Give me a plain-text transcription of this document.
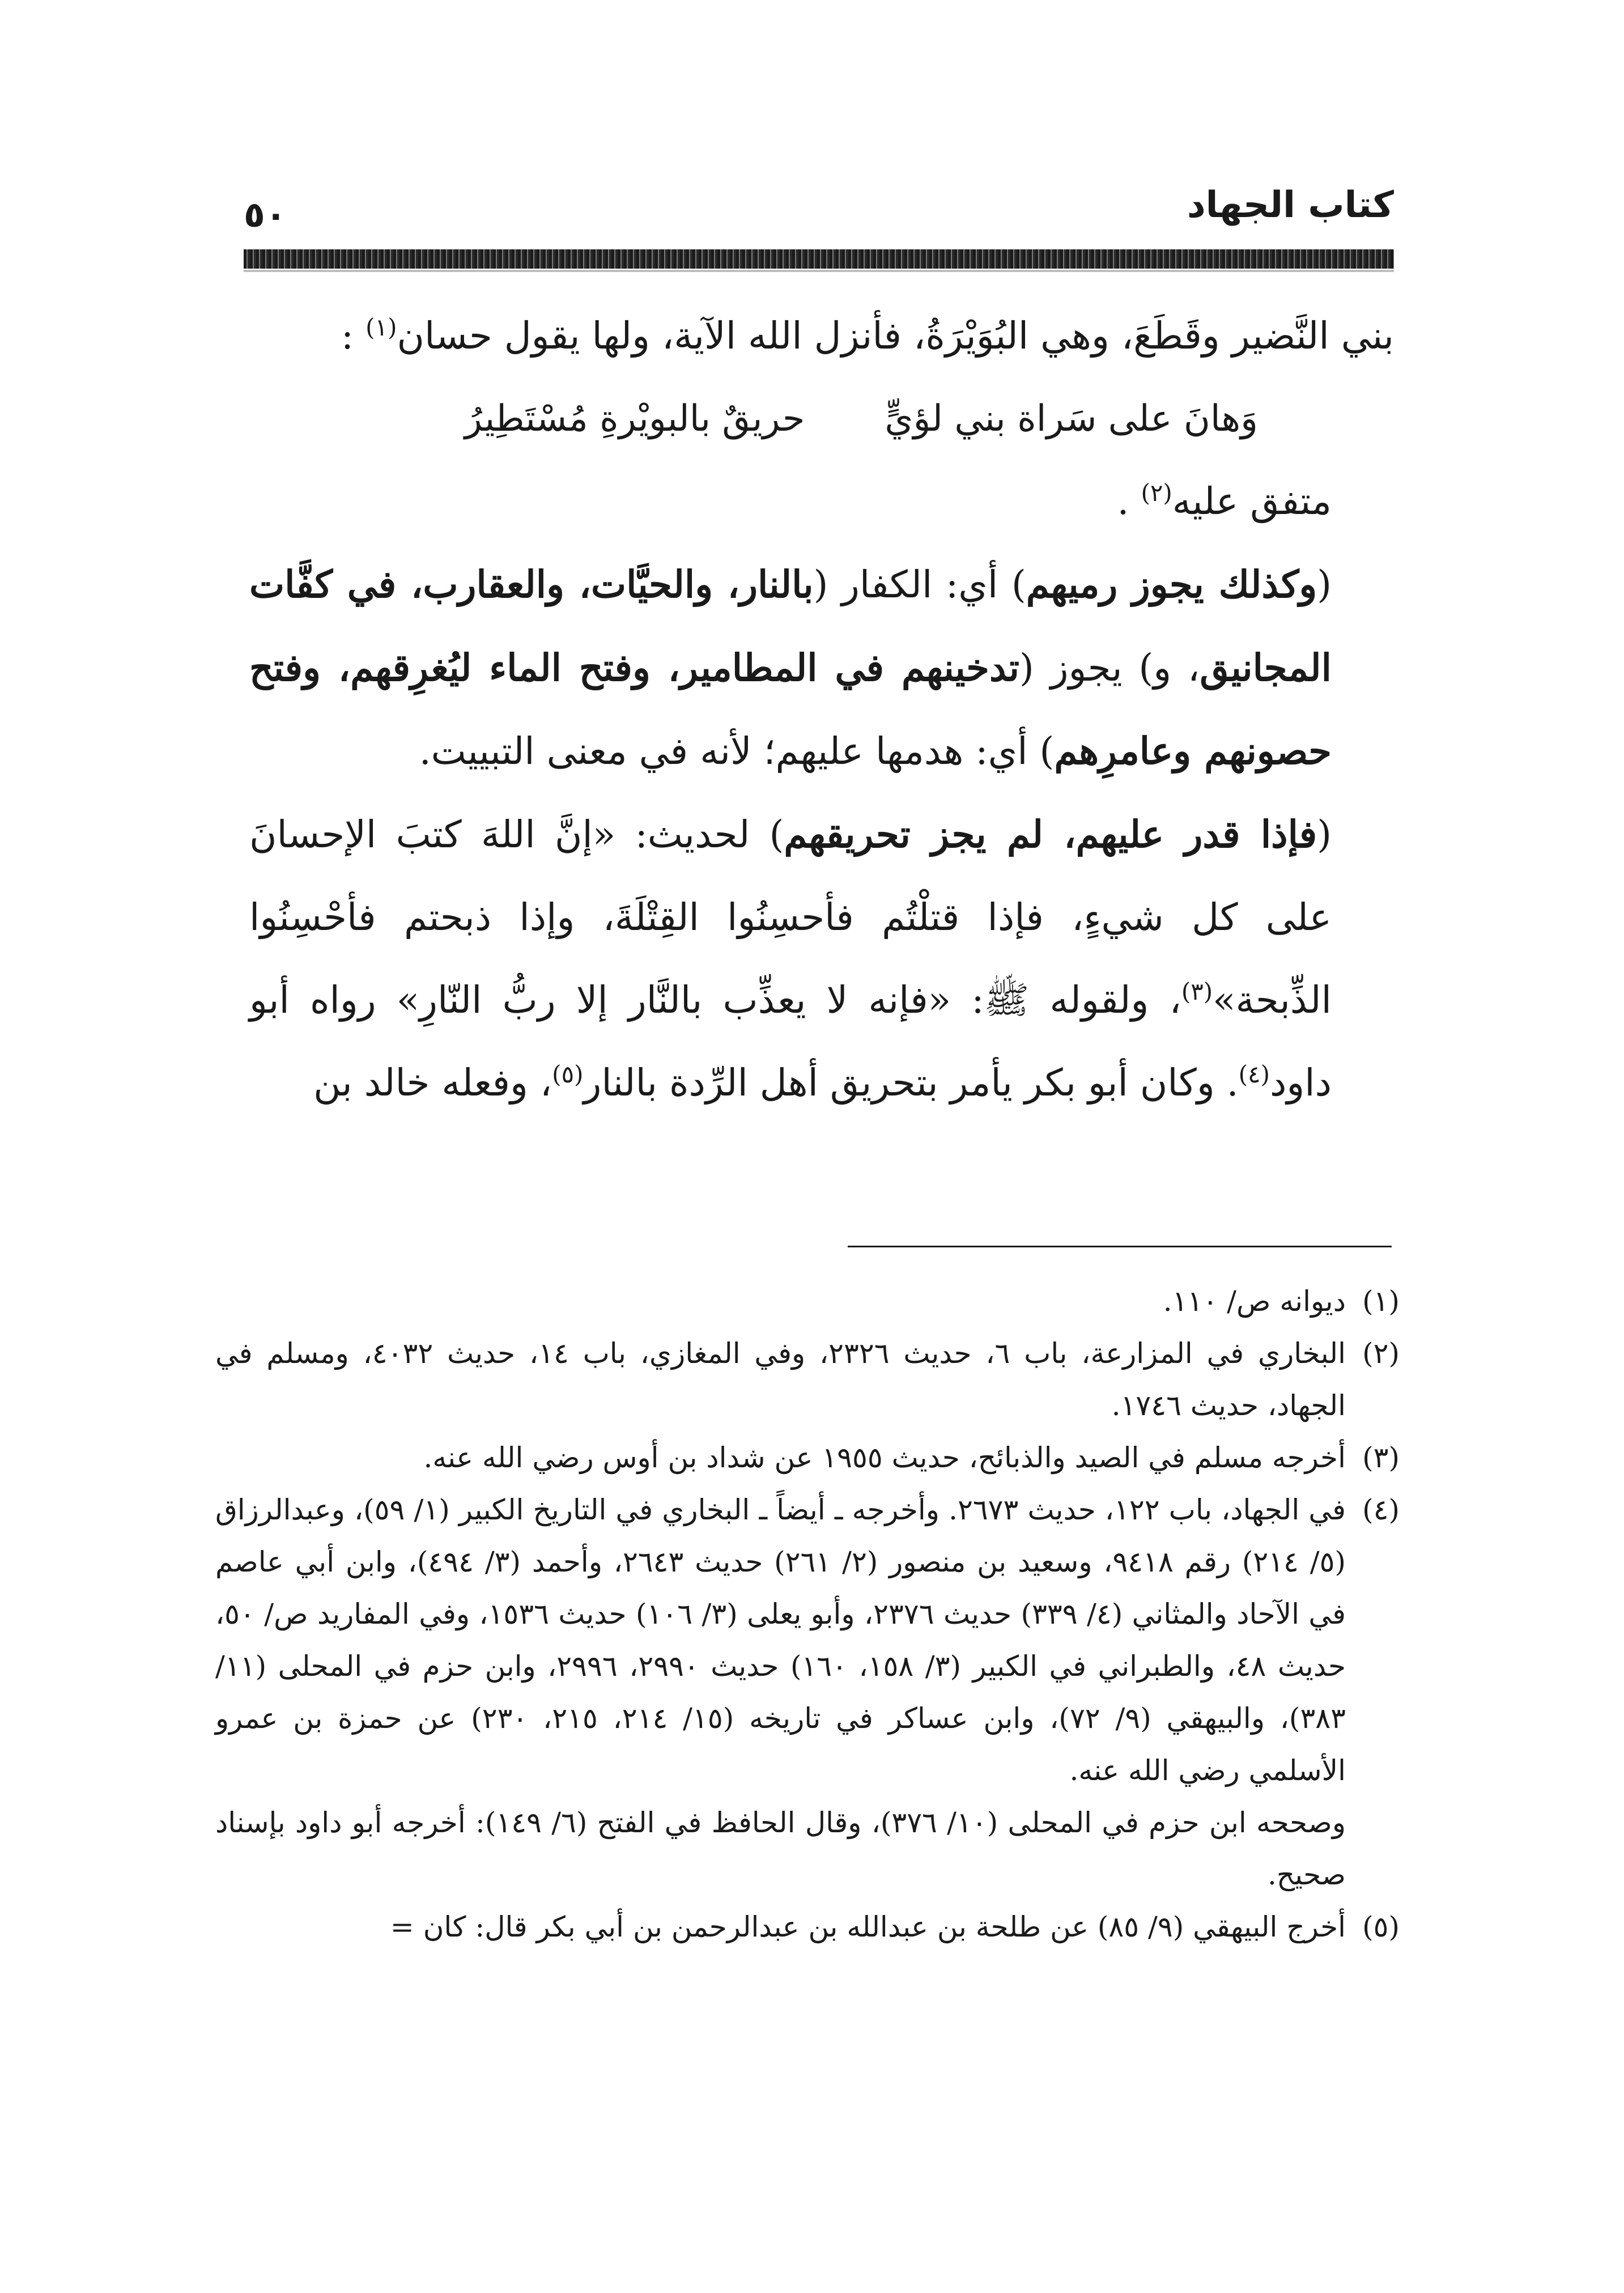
كتاب الجهاد
٥٠

بني النَّضير وقَطَعَ، وهي البُوَيْرَةُ، فأنزل الله الآية، ولها يقول حسان$^{(١)}$ :

وَهانَ على سَراة بني لؤيٍّ
حريقٌ بالبويْرةِ مُسْتَطِيرُ

متفق عليه$^{(٢)}$ .

(وكذلك يجوز رميهم) أي: الكفار (بالنار، والحيَّات، والعقارب، في كفَّات المجانيق، و) يجوز (تدخينهم في المطامير، وفتح الماء ليُغرِقهم، وفتح حصونهم وعامرِهم) أي: هدمها عليهم؛ لأنه في معنى التبييت.

(فإذا قدر عليهم، لم يجز تحريقهم) لحديث: «إنَّ اللهَ كتبَ الإحسانَ على كل شيءٍ، فإذا قتلْتُم فأحسِنُوا القِتْلَةَ، وإذا ذبحتم فأحْسِنُوا الذِّبحة»$^{(٣)}$، ولقوله ﷺ: «فإنه لا يعذِّب بالنَّار إلا ربُّ النّارِ» رواه أبو داود$^{(٤)}$. وكان أبو بكر يأمر بتحريق أهل الرِّدة بالنار$^{(٥)}$، وفعله خالد بن

(١)
ديوانه ص/ ١١٠.
(٢)
البخاري في المزارعة، باب ٦، حديث ٢٣٢٦، وفي المغازي، باب ١٤، حديث ٤٠٣٢، ومسلم في الجهاد، حديث ١٧٤٦.
(٣)
أخرجه مسلم في الصيد والذبائح، حديث ١٩٥٥ عن شداد بن أوس رضي الله عنه.
(٤)
في الجهاد، باب ١٢٢، حديث ٢٦٧٣. وأخرجه ـ أيضاً ـ البخاري في التاريخ الكبير (١/ ٥٩)، وعبدالرزاق (٥/ ٢١٤) رقم ٩٤١٨، وسعيد بن منصور (٢/ ٢٦١) حديث ٢٦٤٣، وأحمد (٣/ ٤٩٤)، وابن أبي عاصم في الآحاد والمثاني (٤/ ٣٣٩) حديث ٢٣٧٦، وأبو يعلى (٣/ ١٠٦) حديث ١٥٣٦، وفي المفاريد ص/ ٥٠، حديث ٤٨، والطبراني في الكبير (٣/ ١٥٨، ١٦٠) حديث ٢٩٩٠، ٢٩٩٦، وابن حزم في المحلى (١١/ ٣٨٣)، والبيهقي (٩/ ٧٢)، وابن عساكر في تاريخه (١٥/ ٢١٤، ٢١٥، ٢٣٠) عن حمزة بن عمرو الأسلمي رضي الله عنه.
وصححه ابن حزم في المحلى (١٠/ ٣٧٦)، وقال الحافظ في الفتح (٦/ ١٤٩): أخرجه أبو داود بإسناد صحيح.
(٥)
أخرج البيهقي (٩/ ٨٥) عن طلحة بن عبدالله بن عبدالرحمن بن أبي بكر قال: كان =
